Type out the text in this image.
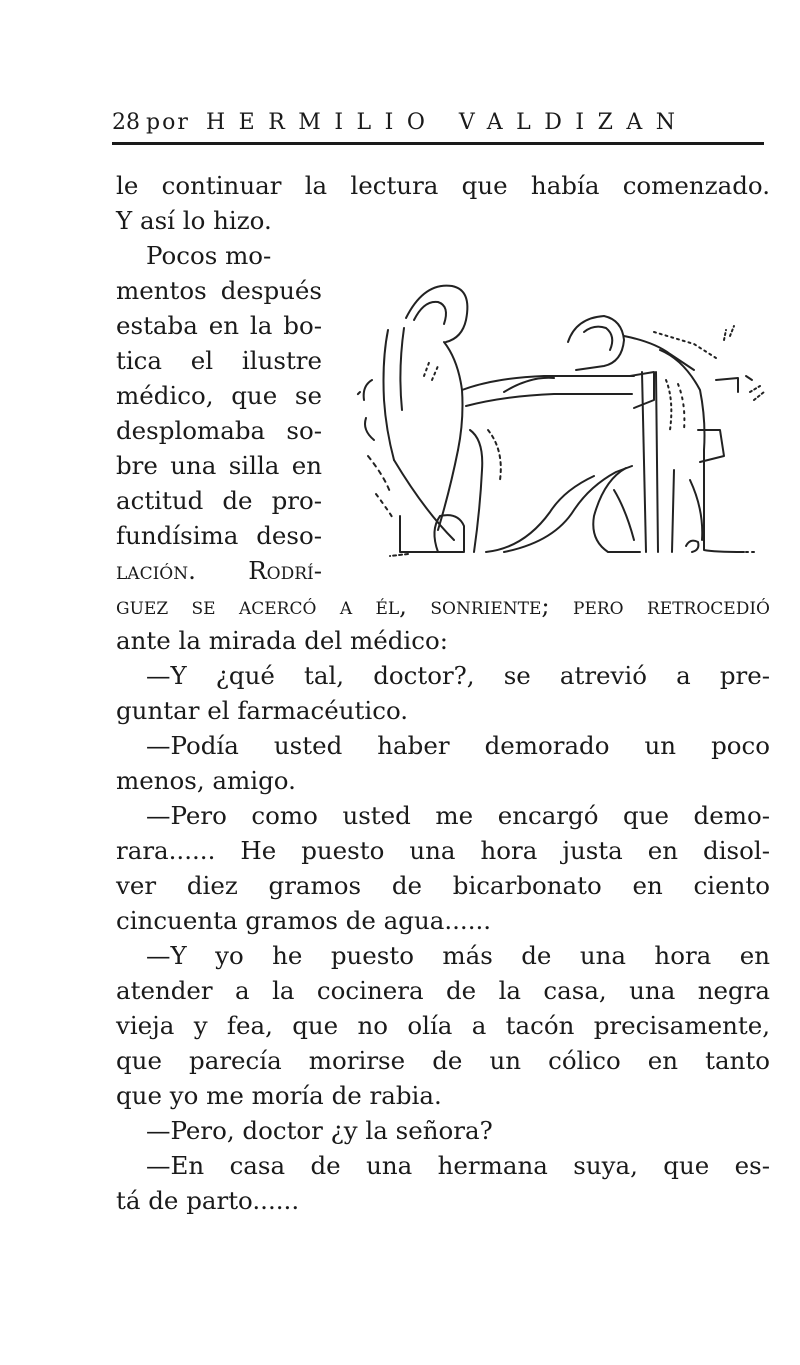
28 por HERMILIO VALDIZAN
le continuar la lectura que había comenzado.
Y así lo hizo.
Pocos mo-
mentos después
estaba en la bo-
tica el ilustre
médico, que se
desplomaba so-
bre una silla en
actitud de pro-
fundísima deso-
lación. Rodrí-
guez se acercó a él, sonriente; pero retrocedió
ante la mirada del médico:
—Y ¿qué tal, doctor?, se atrevió a pre-
guntar el farmacéutico.
—Podía usted haber demorado un poco
menos, amigo.
—Pero como usted me encargó que demo-
rara...... He puesto una hora justa en disol-
ver diez gramos de bicarbonato en ciento
cincuenta gramos de agua......
—Y yo he puesto más de una hora en
atender a la cocinera de la casa, una negra
vieja y fea, que no olía a tacón precisamente,
que parecía morirse de un cólico en tanto
que yo me moría de rabia.
—Pero, doctor ¿y la señora?
—En casa de una hermana suya, que es-
tá de parto......
